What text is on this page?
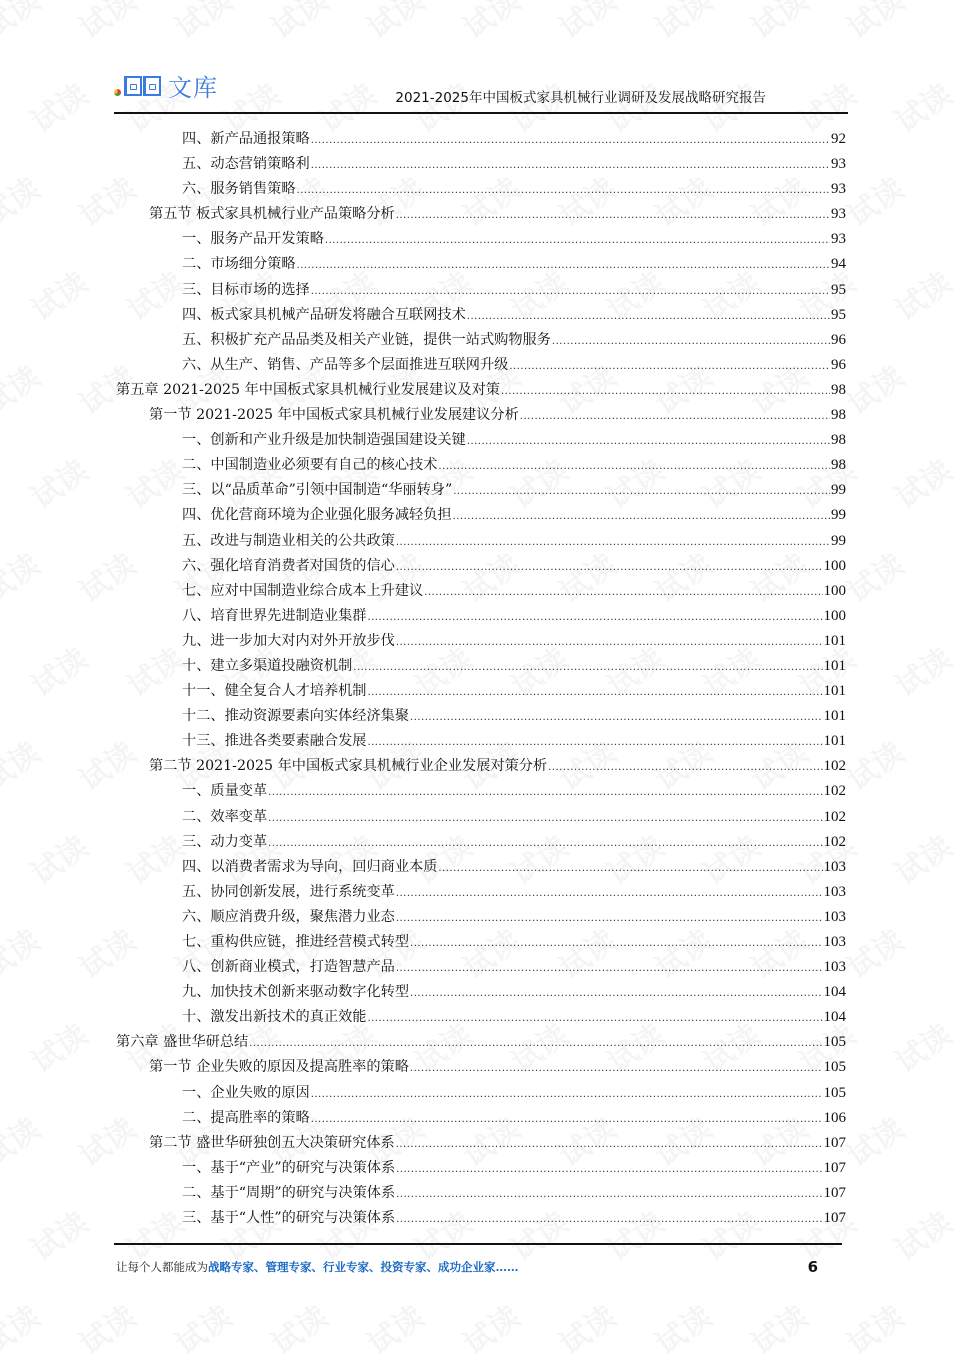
文库	2021-2025年中国板式家具机械行业调研及发展战略研究报告
四、新产品通报策略 .....	92
五、动态营销策略利 .....	93
六、服务销售策略 .....	93
第五节 板式家具机械行业产品策略分析 .....	93
一、服务产品开发策略 .....	93
二、市场细分策略 .....	94
三、目标市场的选择 .....	95
四、板式家具机械产品研发将融合互联网技术 .....	95
五、积极扩充产品品类及相关产业链，提供一站式购物服务 .....	96
六、从生产、销售、产品等多个层面推进互联网升级 .....	96
第五章 2021-2025 年中国板式家具机械行业发展建议及对策 .....	98
第一节 2021-2025 年中国板式家具机械行业发展建议分析 .....	98
一、创新和产业升级是加快制造强国建设关键 .....	98
二、中国制造业必须要有自己的核心技术 .....	98
三、以“品质革命”引领中国制造“华丽转身” .....	99
四、优化营商环境为企业强化服务减轻负担 .....	99
五、改进与制造业相关的公共政策 .....	99
六、强化培育消费者对国货的信心 .....	100
七、应对中国制造业综合成本上升建议 .....	100
八、培育世界先进制造业集群 .....	100
九、进一步加大对内对外开放步伐 .....	101
十、建立多渠道投融资机制 .....	101
十一、健全复合人才培养机制 .....	101
十二、推动资源要素向实体经济集聚 .....	101
十三、推进各类要素融合发展 .....	101
第二节 2021-2025 年中国板式家具机械行业企业发展对策分析 .....	102
一、质量变革 .....	102
二、效率变革 .....	102
三、动力变革 .....	102
四、以消费者需求为导向，回归商业本质 .....	103
五、协同创新发展，进行系统变革 .....	103
六、顺应消费升级，聚焦潜力业态 .....	103
七、重构供应链，推进经营模式转型 .....	103
八、创新商业模式，打造智慧产品 .....	103
九、加快技术创新来驱动数字化转型 .....	104
十、激发出新技术的真正效能 .....	104
第六章 盛世华研总结 .....	105
第一节 企业失败的原因及提高胜率的策略 .....	105
一、企业失败的原因 .....	105
二、提高胜率的策略 .....	106
第二节 盛世华研独创五大决策研究体系 .....	107
一、基于“产业”的研究与决策体系 .....	107
二、基于“周期”的研究与决策体系 .....	107
三、基于“人性”的研究与决策体系 .....	107
让每个人都能成为战略专家、管理专家、行业专家、投资专家、成功企业家……	6
